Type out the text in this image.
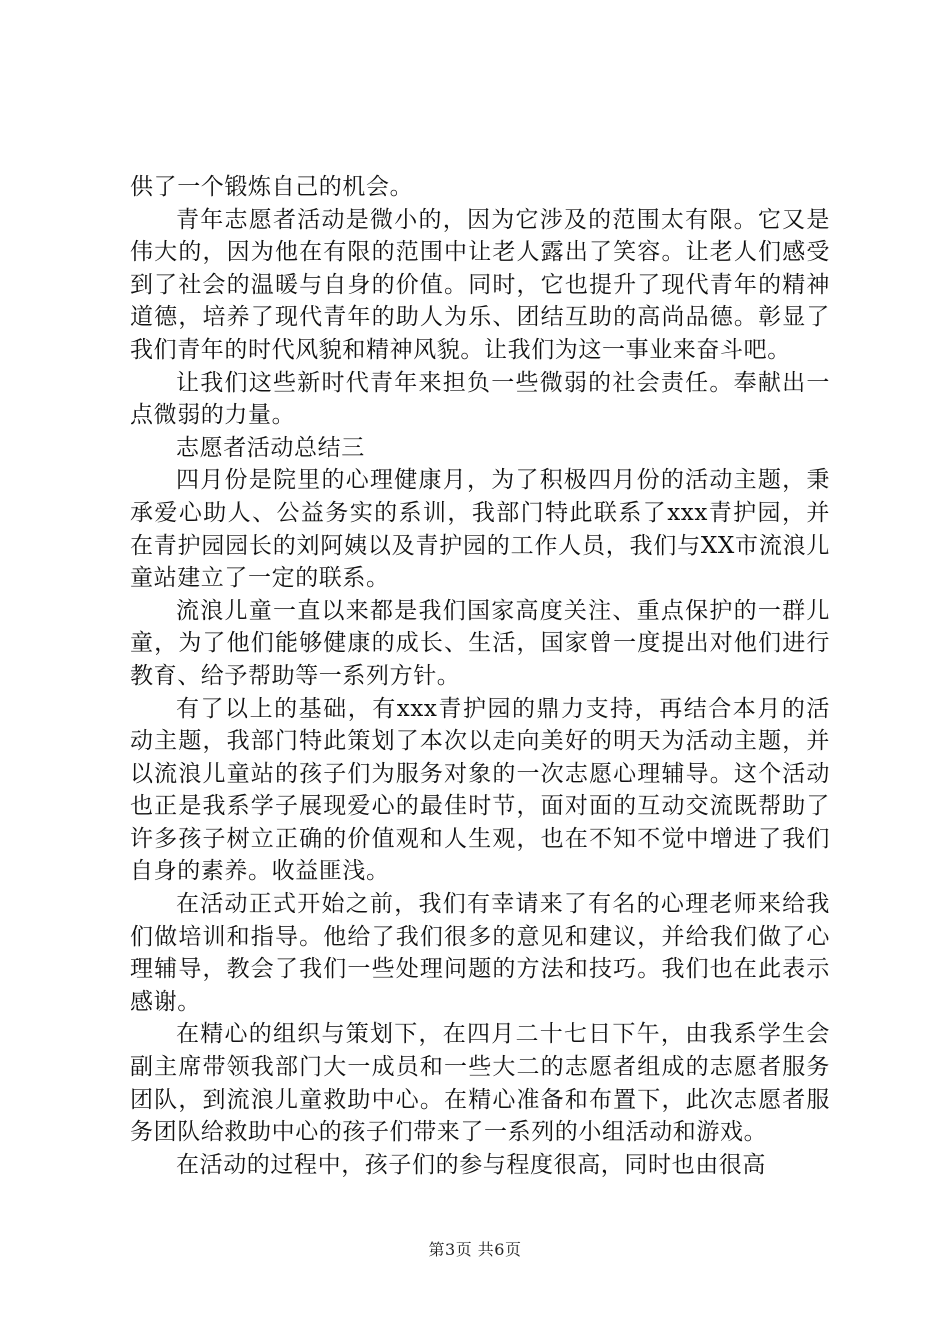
供了一个锻炼自己的机会。

青年志愿者活动是微小的，因为它涉及的范围太有限。它又是伟大的，因为他在有限的范围中让老人露出了笑容。让老人们感受到了社会的温暖与自身的价值。同时，它也提升了现代青年的精神道德，培养了现代青年的助人为乐、团结互助的高尚品德。彰显了我们青年的时代风貌和精神风貌。让我们为这一事业来奋斗吧。

让我们这些新时代青年来担负一些微弱的社会责任。奉献出一点微弱的力量。

志愿者活动总结三

四月份是院里的心理健康月，为了积极四月份的活动主题，秉承爱心助人、公益务实的系训，我部门特此联系了xxx青护园，并在青护园园长的刘阿姨以及青护园的工作人员，我们与XX市流浪儿童站建立了一定的联系。

流浪儿童一直以来都是我们国家高度关注、重点保护的一群儿童，为了他们能够健康的成长、生活，国家曾一度提出对他们进行教育、给予帮助等一系列方针。

有了以上的基础，有xxx青护园的鼎力支持，再结合本月的活动主题，我部门特此策划了本次以走向美好的明天为活动主题，并以流浪儿童站的孩子们为服务对象的一次志愿心理辅导。这个活动也正是我系学子展现爱心的最佳时节，面对面的互动交流既帮助了许多孩子树立正确的价值观和人生观，也在不知不觉中增进了我们自身的素养。收益匪浅。

在活动正式开始之前，我们有幸请来了有名的心理老师来给我们做培训和指导。他给了我们很多的意见和建议，并给我们做了心理辅导，教会了我们一些处理问题的方法和技巧。我们也在此表示感谢。

在精心的组织与策划下，在四月二十七日下午，由我系学生会副主席带领我部门大一成员和一些大二的志愿者组成的志愿者服务团队，到流浪儿童救助中心。在精心准备和布置下，此次志愿者服务团队给救助中心的孩子们带来了一系列的小组活动和游戏。

在活动的过程中，孩子们的参与程度很高，同时也由很高

第3页 共6页
